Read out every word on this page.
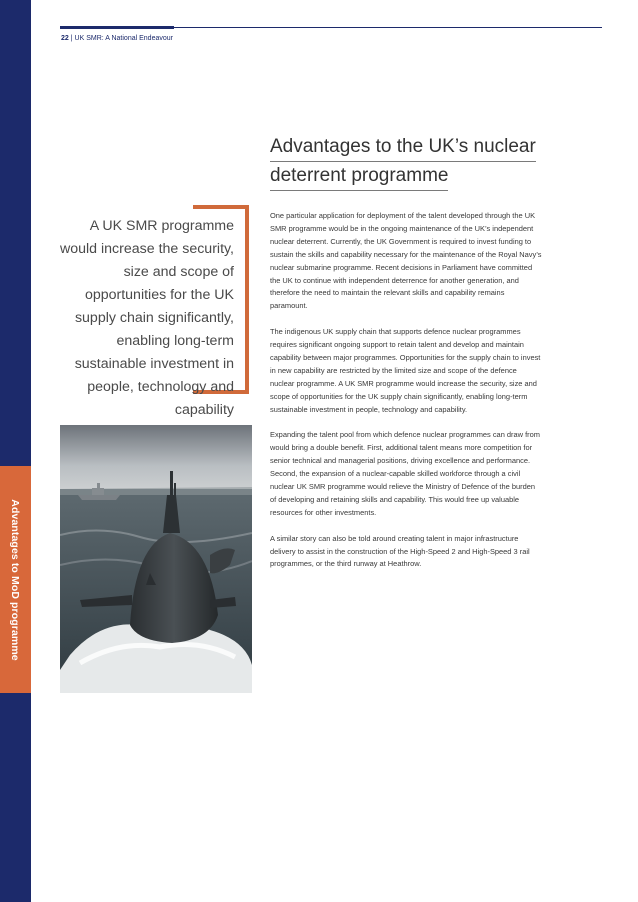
Advantages to MoD programme
22 | UK SMR: A National Endeavour
Advantages to the UK’s nuclear
deterrent programme
A UK SMR programme would increase the security, size and scope of opportunities for the UK supply chain significantly, enabling long-term sustainable investment in people, technology and capability

One particular application for deployment of the talent developed through the UK SMR programme would be in the ongoing maintenance of the UK’s independent nuclear deterrent. Currently, the UK Government is required to invest funding to sustain the skills and capability necessary for the maintenance of the Royal Navy’s nuclear submarine programme. Recent decisions in Parliament have committed the UK to continue with independent deterrence for another generation, and therefore the need to maintain the relevant skills and capability remains paramount.

The indigenous UK supply chain that supports defence nuclear programmes requires significant ongoing support to retain talent and develop and maintain capability between major programmes. Opportunities for the supply chain to invest in new capability are restricted by the limited size and scope of the defence nuclear programme. A UK SMR programme would increase the security, size and scope of opportunities for the UK supply chain significantly, enabling long-term sustainable investment in people, technology and capability.

Expanding the talent pool from which defence nuclear programmes can draw from would bring a double benefit. First, additional talent means more competition for senior technical and managerial positions, driving excellence and performance. Second, the expansion of a nuclear-capable skilled workforce through a civil nuclear UK SMR programme would relieve the Ministry of Defence of the burden of developing and retaining skills and capability. This would free up valuable resources for other investments.

A similar story can also be told around creating talent in major infrastructure delivery to assist in the construction of the High-Speed 2 and High-Speed 3 rail programmes, or the third runway at Heathrow.
